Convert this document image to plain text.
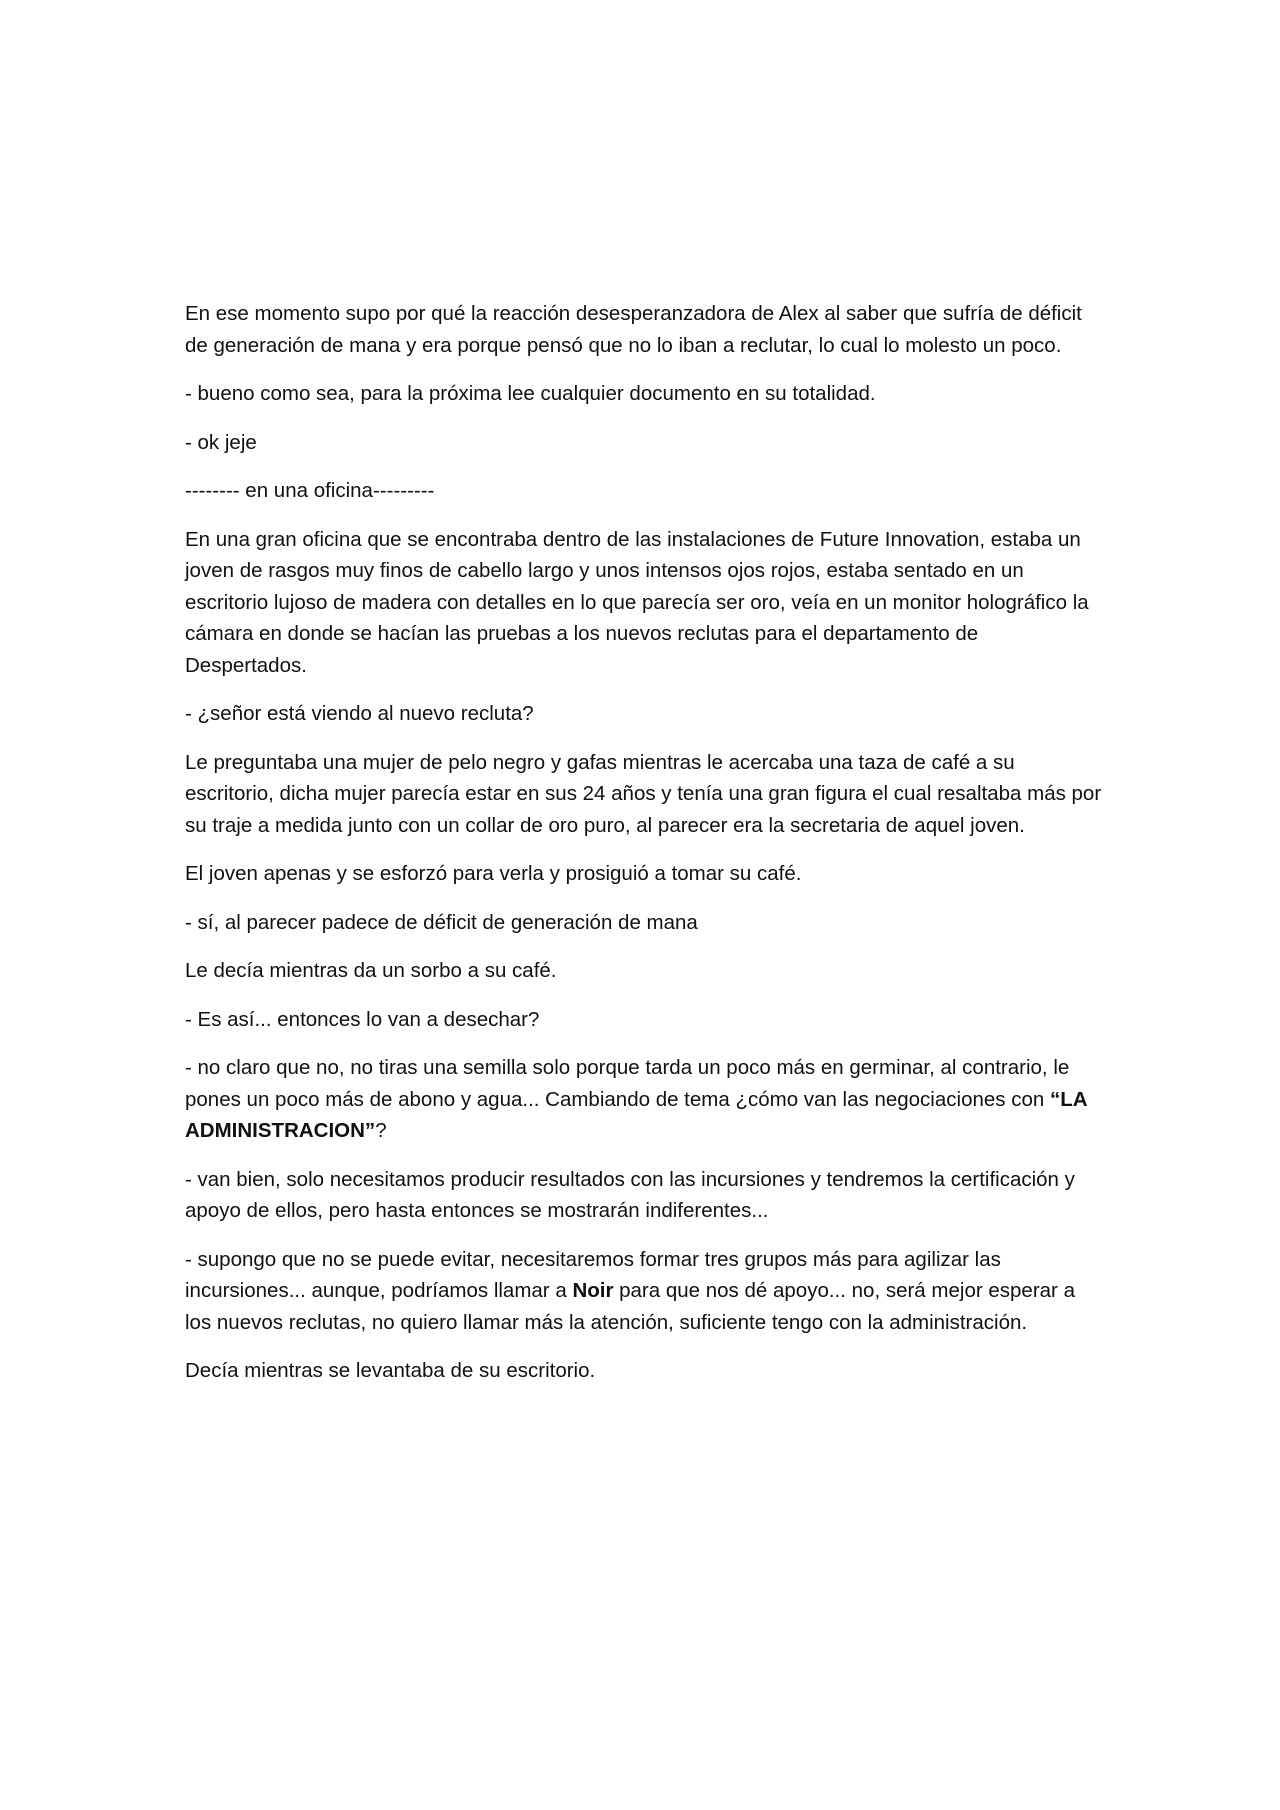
En ese momento supo por qué la reacción desesperanzadora de Alex al saber que sufría de déficit de generación de mana y era porque pensó que no lo iban a reclutar, lo cual lo molesto un poco.

- bueno como sea, para la próxima lee cualquier documento en su totalidad.

- ok jeje

-------- en una oficina---------

En una gran oficina que se encontraba dentro de las instalaciones de Future Innovation, estaba un joven de rasgos muy finos de cabello largo y unos intensos ojos rojos, estaba sentado en un escritorio lujoso de madera con detalles en lo que parecía ser oro, veía en un monitor holográfico la cámara en donde se hacían las pruebas a los nuevos reclutas para el departamento de Despertados.

- ¿señor está viendo al nuevo recluta?

Le preguntaba una mujer de pelo negro y gafas mientras le acercaba una taza de café a su escritorio, dicha mujer parecía estar en sus 24 años y tenía una gran figura el cual resaltaba más por su traje a medida junto con un collar de oro puro, al parecer era la secretaria de aquel joven.

El joven apenas y se esforzó para verla y prosiguió a tomar su café.

- sí, al parecer padece de déficit de generación de mana

Le decía mientras da un sorbo a su café.

- Es así... entonces lo van a desechar?

- no claro que no, no tiras una semilla solo porque tarda un poco más en germinar, al contrario, le pones un poco más de abono y agua... Cambiando de tema ¿cómo van las negociaciones con “LA ADMINISTRACION”?

- van bien, solo necesitamos producir resultados con las incursiones y tendremos la certificación y apoyo de ellos, pero hasta entonces se mostrarán indiferentes...

- supongo que no se puede evitar, necesitaremos formar tres grupos más para agilizar las incursiones... aunque, podríamos llamar a Noir para que nos dé apoyo... no, será mejor esperar a los nuevos reclutas, no quiero llamar más la atención, suficiente tengo con la administración.

Decía mientras se levantaba de su escritorio.
